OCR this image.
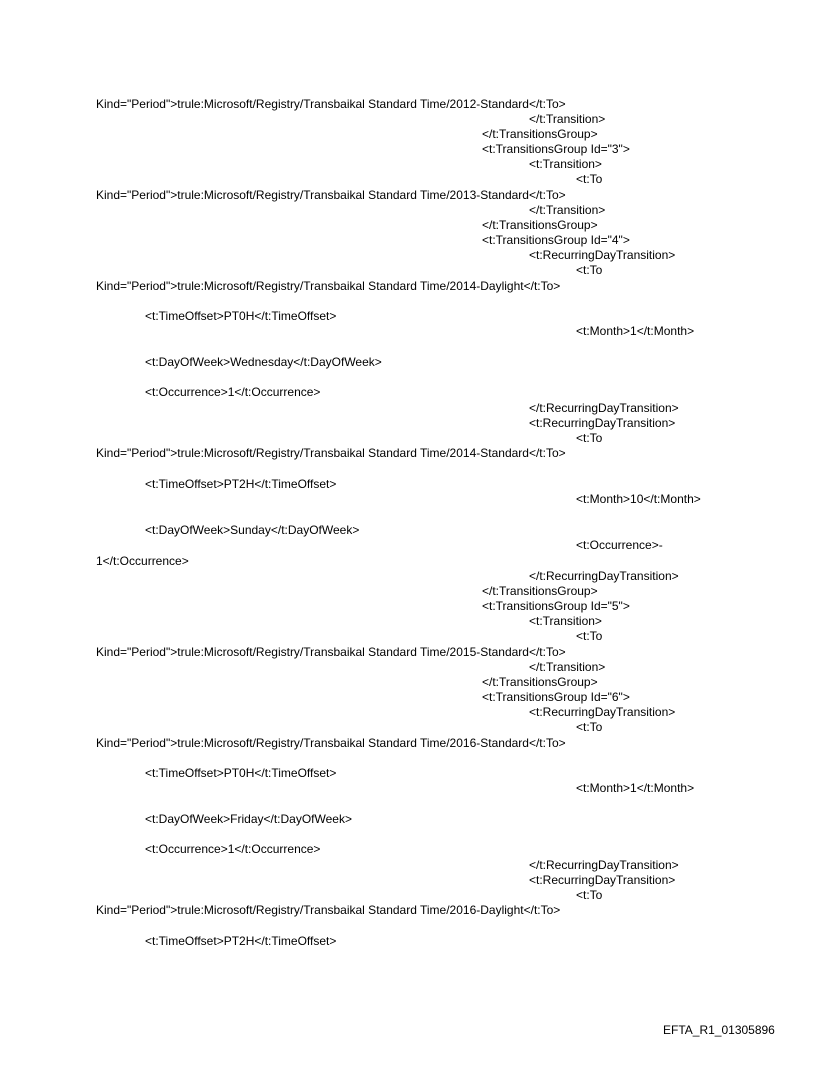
Kind="Period">trule:Microsoft/Registry/Transbaikal Standard Time/2012-Standard</t:To>
</t:Transition>
</t:TransitionsGroup>
<t:TransitionsGroup Id="3">
<t:Transition>
<t:To
Kind="Period">trule:Microsoft/Registry/Transbaikal Standard Time/2013-Standard</t:To>
</t:Transition>
</t:TransitionsGroup>
<t:TransitionsGroup Id="4">
<t:RecurringDayTransition>
<t:To
Kind="Period">trule:Microsoft/Registry/Transbaikal Standard Time/2014-Daylight</t:To>
<t:TimeOffset>PT0H</t:TimeOffset>
<t:Month>1</t:Month>
<t:DayOfWeek>Wednesday</t:DayOfWeek>
<t:Occurrence>1</t:Occurrence>
</t:RecurringDayTransition>
<t:RecurringDayTransition>
<t:To
Kind="Period">trule:Microsoft/Registry/Transbaikal Standard Time/2014-Standard</t:To>
<t:TimeOffset>PT2H</t:TimeOffset>
<t:Month>10</t:Month>
<t:DayOfWeek>Sunday</t:DayOfWeek>
<t:Occurrence>-
1</t:Occurrence>
</t:RecurringDayTransition>
</t:TransitionsGroup>
<t:TransitionsGroup Id="5">
<t:Transition>
<t:To
Kind="Period">trule:Microsoft/Registry/Transbaikal Standard Time/2015-Standard</t:To>
</t:Transition>
</t:TransitionsGroup>
<t:TransitionsGroup Id="6">
<t:RecurringDayTransition>
<t:To
Kind="Period">trule:Microsoft/Registry/Transbaikal Standard Time/2016-Standard</t:To>
<t:TimeOffset>PT0H</t:TimeOffset>
<t:Month>1</t:Month>
<t:DayOfWeek>Friday</t:DayOfWeek>
<t:Occurrence>1</t:Occurrence>
</t:RecurringDayTransition>
<t:RecurringDayTransition>
<t:To
Kind="Period">trule:Microsoft/Registry/Transbaikal Standard Time/2016-Daylight</t:To>
<t:TimeOffset>PT2H</t:TimeOffset>
EFTA_R1_01305896
